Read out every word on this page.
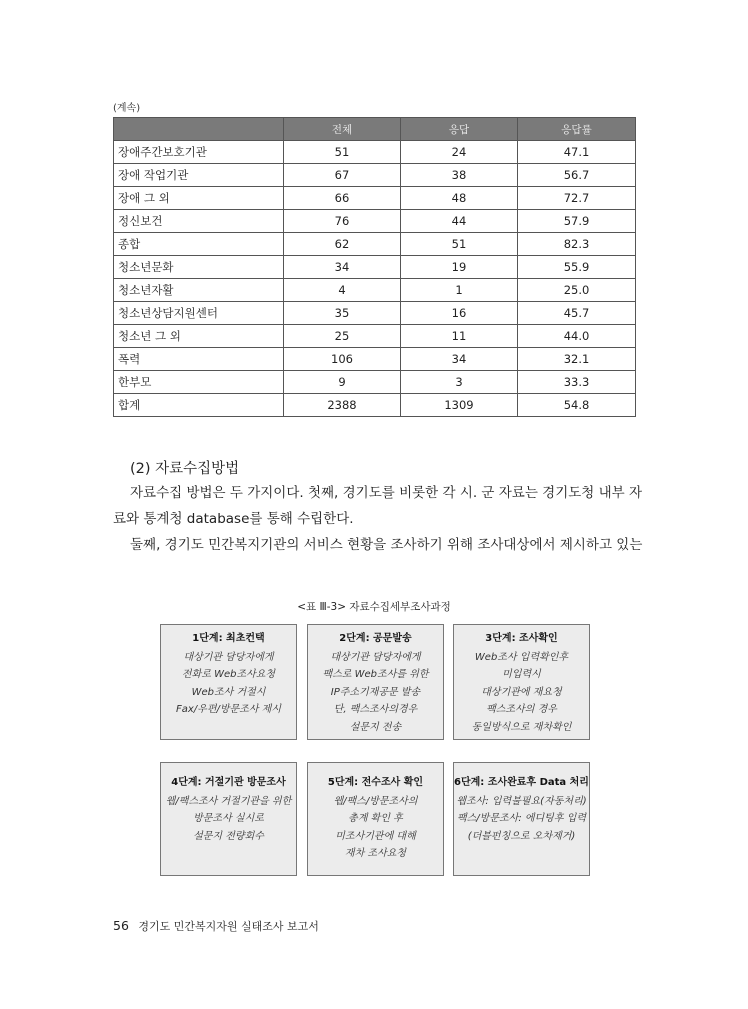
(계속)
	전체	응답	응답률
장애주간보호기관	51	24	47.1
장애 작업기관	67	38	56.7
장애 그 외	66	48	72.7
정신보건	76	44	57.9
종합	62	51	82.3
청소년문화	34	19	55.9
청소년자활	4	1	25.0
청소년상담지원센터	35	16	45.7
청소년 그 외	25	11	44.0
폭력	106	34	32.1
한부모	9	3	33.3
합계	2388	1309	54.8
(2) 자료수집방법
자료수집 방법은 두 가지이다. 첫째, 경기도를 비롯한 각 시. 군 자료는 경기도청 내부 자
료와 통계청 database를 통해 수립한다.
둘째, 경기도 민간복지기관의 서비스 현황을 조사하기 위해 조사대상에서 제시하고 있는
<표 Ⅲ-3> 자료수집세부조사과정
1단계: 최초컨택
대상기관 담당자에게
전화로 Web조사요청
Web조사 거절시
Fax/우편/방문조사 제시
2단계: 공문발송
대상기관 담당자에게
팩스로 Web조사를 위한
IP주소기재공문 발송
단, 팩스조사의경우
설문지 전송
3단계: 조사확인
Web조사 입력확인후
미입력시
대상기관에 재요청
팩스조사의 경우
동일방식으로 재차확인
4단계: 거절기관 방문조사
웹/팩스조사 거절기관을 위한
방문조사 실시로
설문지 전량회수
5단계: 전수조사 확인
웹/팩스/방문조사의
총계 확인 후
미조사기관에 대해
재차 조사요청
6단계: 조사완료후 Data 처리
웹조사: 입력불필요(자동처리)
팩스/방문조사: 에디팅후 입력
(더블펀칭으로 오차제거)
56 경기도 민간복지자원 실태조사 보고서
